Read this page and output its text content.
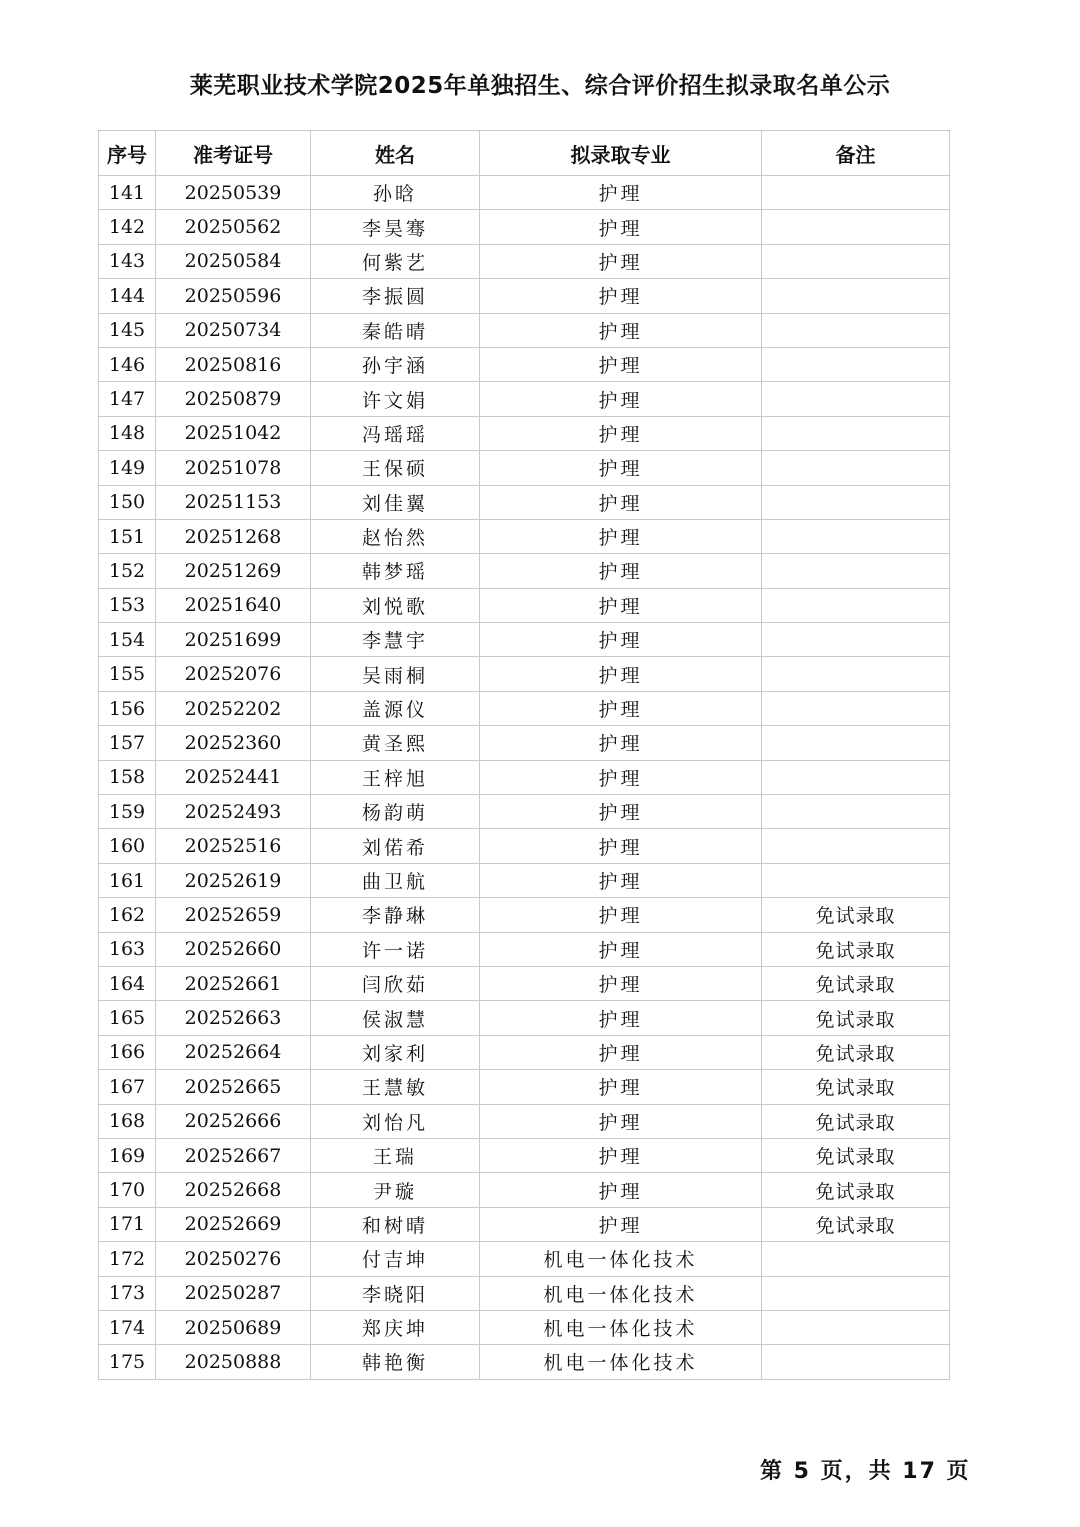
莱芜职业技术学院2025年单独招生、综合评价招生拟录取名单公示
序号	准考证号	姓名	拟录取专业	备注
141	20250539	孙晗	护理	
142	20250562	李昊骞	护理	
143	20250584	何紫艺	护理	
144	20250596	李振圆	护理	
145	20250734	秦皓晴	护理	
146	20250816	孙宇涵	护理	
147	20250879	许文娟	护理	
148	20251042	冯瑶瑶	护理	
149	20251078	王保硕	护理	
150	20251153	刘佳翼	护理	
151	20251268	赵怡然	护理	
152	20251269	韩梦瑶	护理	
153	20251640	刘悦歌	护理	
154	20251699	李慧宇	护理	
155	20252076	吴雨桐	护理	
156	20252202	盖源仪	护理	
157	20252360	黄圣熙	护理	
158	20252441	王梓旭	护理	
159	20252493	杨韵萌	护理	
160	20252516	刘偌希	护理	
161	20252619	曲卫航	护理	
162	20252659	李静琳	护理	免试录取
163	20252660	许一诺	护理	免试录取
164	20252661	闫欣茹	护理	免试录取
165	20252663	侯淑慧	护理	免试录取
166	20252664	刘家利	护理	免试录取
167	20252665	王慧敏	护理	免试录取
168	20252666	刘怡凡	护理	免试录取
169	20252667	王瑞	护理	免试录取
170	20252668	尹璇	护理	免试录取
171	20252669	和树晴	护理	免试录取
172	20250276	付吉坤	机电一体化技术	
173	20250287	李晓阳	机电一体化技术	
174	20250689	郑庆坤	机电一体化技术	
175	20250888	韩艳衡	机电一体化技术	
第 5 页，共 17 页
